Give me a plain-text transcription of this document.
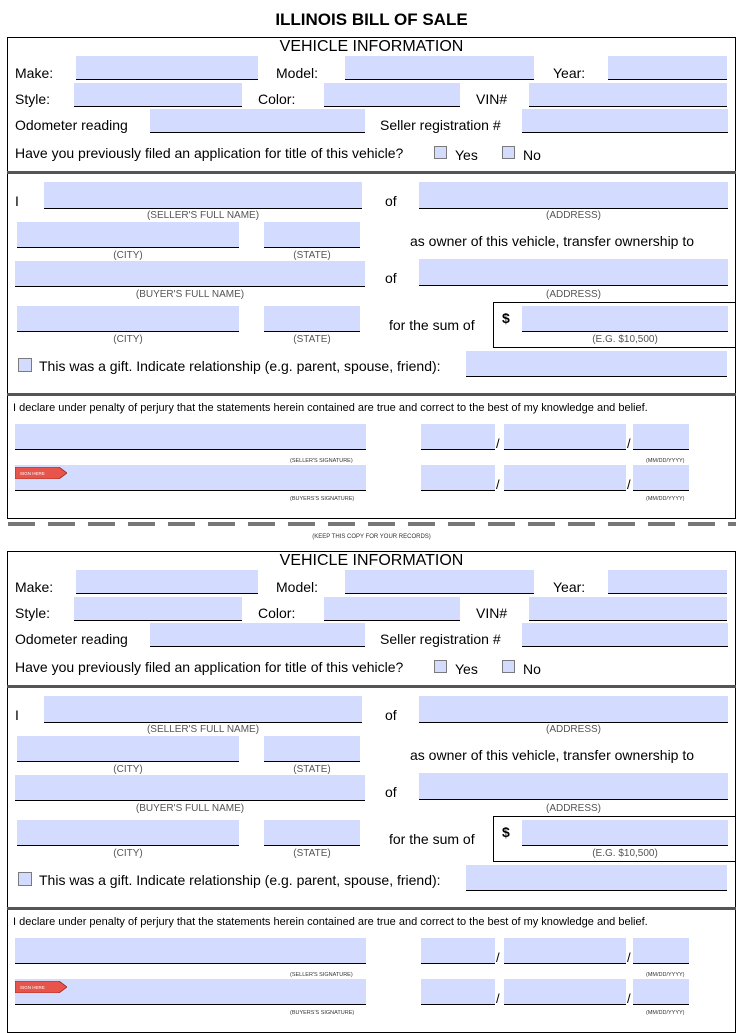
ILLINOIS BILL OF SALE
VEHICLE INFORMATION
Make:	Model:	Year:
Style:	Color:	VIN#
Odometer reading	Seller registration #
Have you previously filed an application for title of this vehicle?	Yes	No
I
(SELLER'S FULL NAME)
of
(ADDRESS)
(CITY)	(STATE)
as owner of this vehicle, transfer ownership to
(BUYER'S FULL NAME)
of
(ADDRESS)
(CITY)	(STATE)
for the sum of $
(E.G. $10,500)
This was a gift. Indicate relationship (e.g. parent, spouse, friend):
I declare under penalty of perjury that the statements herein contained are true and correct to the best of my knowledge and belief.
(SELLER'S SIGNATURE)
/	/
(MM/DD/YYYY)
SIGN HERE
(BUYERS'S SIGNATURE)
/	/
(MM/DD/YYYY)
(KEEP THIS COPY FOR YOUR RECORDS)
VEHICLE INFORMATION
Make:	Model:	Year:
Style:	Color:	VIN#
Odometer reading	Seller registration #
Have you previously filed an application for title of this vehicle?	Yes	No
I
(SELLER'S FULL NAME)
of
(ADDRESS)
(CITY)	(STATE)
as owner of this vehicle, transfer ownership to
(BUYER'S FULL NAME)
of
(ADDRESS)
(CITY)	(STATE)
for the sum of $
(E.G. $10,500)
This was a gift. Indicate relationship (e.g. parent, spouse, friend):
I declare under penalty of perjury that the statements herein contained are true and correct to the best of my knowledge and belief.
(SELLER'S SIGNATURE)
/	/
(MM/DD/YYYY)
SIGN HERE
(BUYERS'S SIGNATURE)
/	/
(MM/DD/YYYY)
